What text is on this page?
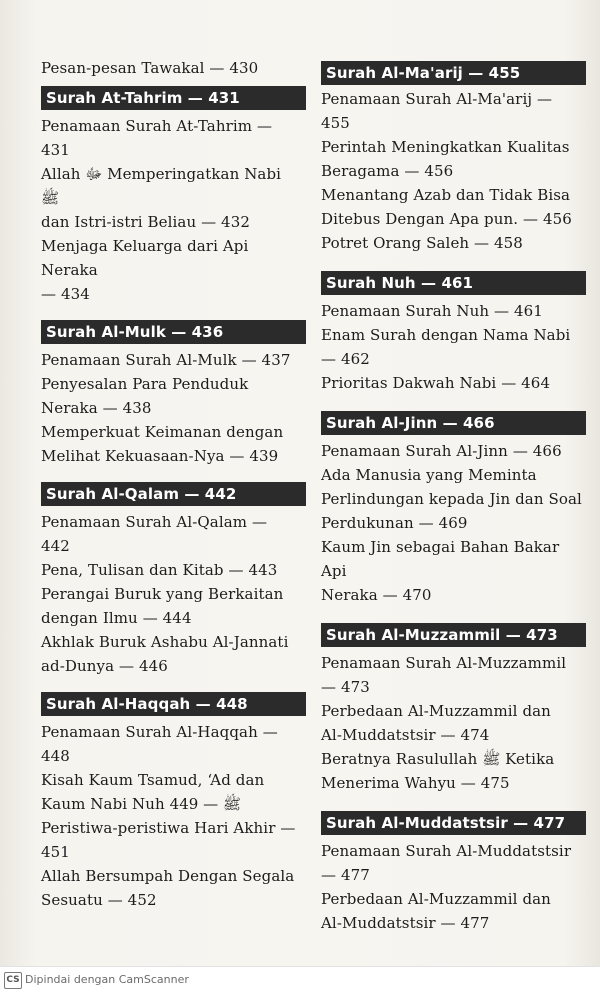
Pesan-pesan Tawakal — 430
Surah At-Tahrim — 431
Penamaan Surah At-Tahrim —
431
Allah ﷻ Memperingatkan Nabi ﷺ
dan Istri-istri Beliau — 432
Menjaga Keluarga dari Api Neraka
— 434
Surah Al-Mulk — 436
Penamaan Surah Al-Mulk — 437
Penyesalan Para Penduduk
Neraka — 438
Memperkuat Keimanan dengan
Melihat Kekuasaan-Nya — 439
Surah Al-Qalam — 442
Penamaan Surah Al-Qalam —
442
Pena, Tulisan dan Kitab — 443
Perangai Buruk yang Berkaitan
dengan Ilmu — 444
Akhlak Buruk Ashabu Al-Jannati
ad-Dunya — 446
Surah Al-Haqqah — 448
Penamaan Surah Al-Haqqah —
448
Kisah Kaum Tsamud, ‘Ad dan
Kaum Nabi Nuh ﷺ — 449
Peristiwa-peristiwa Hari Akhir —
451
Allah Bersumpah Dengan Segala
Sesuatu — 452
Surah Al-Ma'arij — 455
Penamaan Surah Al-Ma'arij —
455
Perintah Meningkatkan Kualitas
Beragama — 456
Menantang Azab dan Tidak Bisa
Ditebus Dengan Apa pun. — 456
Potret Orang Saleh — 458
Surah Nuh — 461
Penamaan Surah Nuh — 461
Enam Surah dengan Nama Nabi
— 462
Prioritas Dakwah Nabi — 464
Surah Al-Jinn — 466
Penamaan Surah Al-Jinn — 466
Ada Manusia yang Meminta
Perlindungan kepada Jin dan Soal
Perdukunan — 469
Kaum Jin sebagai Bahan Bakar Api
Neraka — 470
Surah Al-Muzzammil — 473
Penamaan Surah Al-Muzzammil
— 473
Perbedaan Al-Muzzammil dan
Al-Muddatstsir — 474
Beratnya Rasulullah ﷺ Ketika
Menerima Wahyu — 475
Surah Al-Muddatstsir — 477
Penamaan Surah Al-Muddatstsir
— 477
Perbedaan Al-Muzzammil dan
Al-Muddatstsir — 477
CS Dipindai dengan CamScanner
